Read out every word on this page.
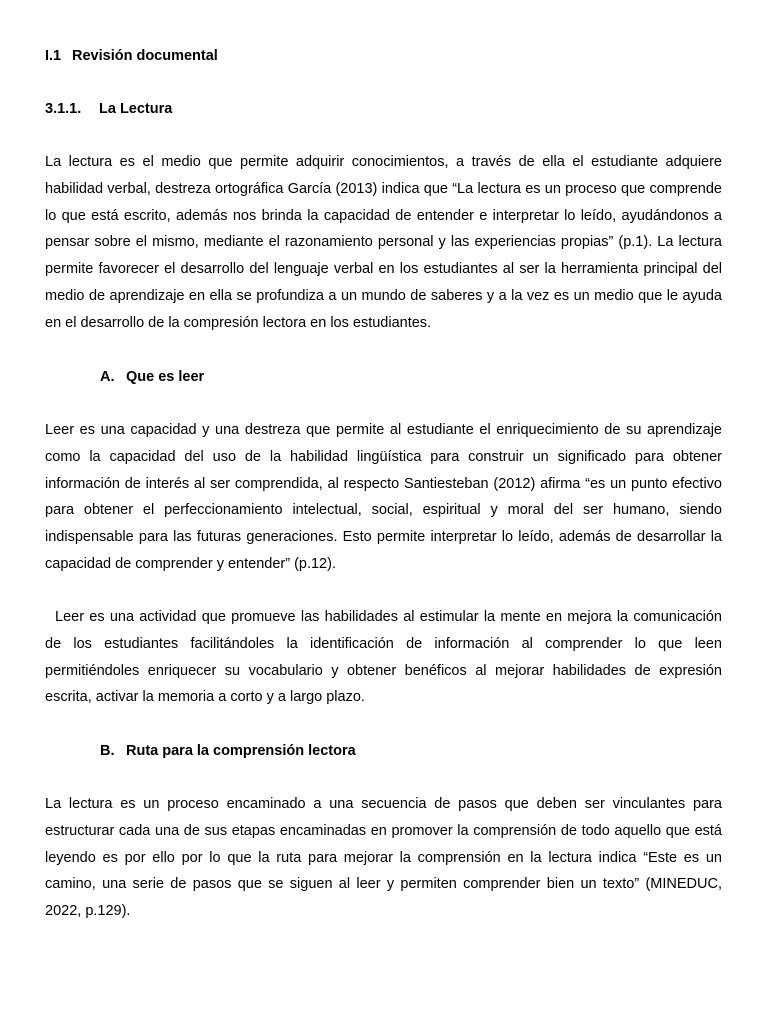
I.1 Revisión documental
3.1.1. La Lectura

La lectura es el medio que permite adquirir conocimientos, a través de ella el estudiante adquiere habilidad verbal, destreza ortográfica García (2013) indica que “La lectura es un proceso que comprende lo que está escrito, además nos brinda la capacidad de entender e interpretar lo leído, ayudándonos a pensar sobre el mismo, mediante el razonamiento personal y las experiencias propias” (p.1). La lectura permite favorecer el desarrollo del lenguaje verbal en los estudiantes al ser la herramienta principal del medio de aprendizaje en ella se profundiza a un mundo de saberes y a la vez es un medio que le ayuda en el desarrollo de la compresión lectora en los estudiantes.

A. Que es leer

Leer es una capacidad y una destreza que permite al estudiante el enriquecimiento de su aprendizaje como la capacidad del uso de la habilidad lingüística para construir un significado para obtener información de interés al ser comprendida, al respecto Santiesteban (2012) afirma “es un punto efectivo para obtener el perfeccionamiento intelectual, social, espiritual y moral del ser humano, siendo indispensable para las futuras generaciones. Esto permite interpretar lo leído, además de desarrollar la capacidad de comprender y entender” (p.12).

Leer es una actividad que promueve las habilidades al estimular la mente en mejora la comunicación de los estudiantes facilitándoles la identificación de información al comprender lo que leen permitiéndoles enriquecer su vocabulario y obtener benéficos al mejorar habilidades de expresión escrita, activar la memoria a corto y a largo plazo.

B. Ruta para la comprensión lectora

La lectura es un proceso encaminado a una secuencia de pasos que deben ser vinculantes para estructurar cada una de sus etapas encaminadas en promover la comprensión de todo aquello que está leyendo es por ello por lo que la ruta para mejorar la comprensión en la lectura indica “Este es un camino, una serie de pasos que se siguen al leer y permiten comprender bien un texto” (MINEDUC, 2022, p.129).
